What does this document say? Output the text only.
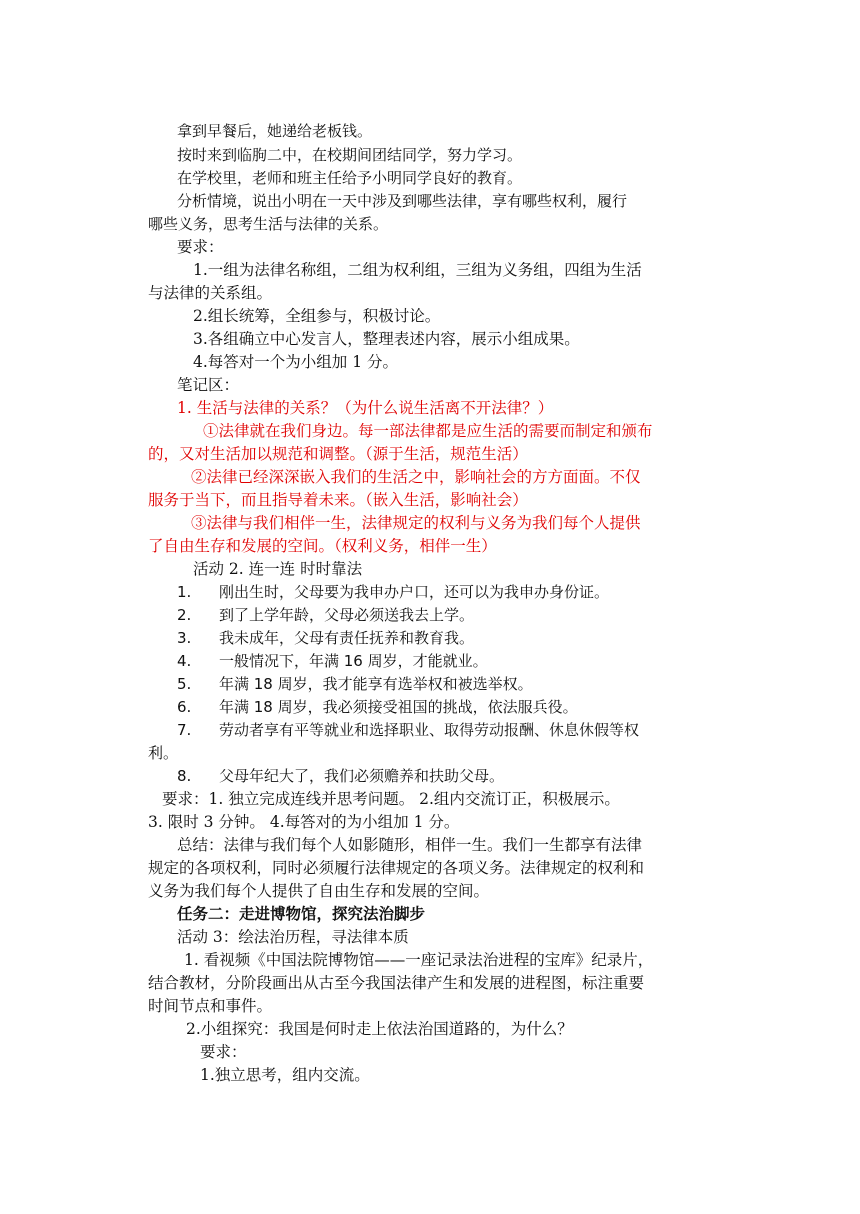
拿到早餐后，她递给老板钱。
按时来到临朐二中，在校期间团结同学，努力学习。
在学校里，老师和班主任给予小明同学良好的教育。
分析情境，说出小明在一天中涉及到哪些法律，享有哪些权利，履行
哪些义务，思考生活与法律的关系。
要求：
1.一组为法律名称组，二组为权利组，三组为义务组，四组为生活
与法律的关系组。
2.组长统筹，全组参与，积极讨论。
3.各组确立中心发言人，整理表述内容，展示小组成果。
4.每答对一个为小组加 1 分。
笔记区：
1. 生活与法律的关系？（为什么说生活离不开法律？）
①法律就在我们身边。每一部法律都是应生活的需要而制定和颁布
的，又对生活加以规范和调整。（源于生活，规范生活）
②法律已经深深嵌入我们的生活之中，影响社会的方方面面。不仅
服务于当下，而且指导着未来。（嵌入生活，影响社会）
③法律与我们相伴一生，法律规定的权利与义务为我们每个人提供
了自由生存和发展的空间。（权利义务，相伴一生）
活动 2. 连一连 时时靠法
1. 刚出生时，父母要为我申办户口，还可以为我申办身份证。
2. 到了上学年龄，父母必须送我去上学。
3. 我未成年，父母有责任抚养和教育我。
4. 一般情况下，年满 16 周岁，才能就业。
5. 年满 18 周岁，我才能享有选举权和被选举权。
6. 年满 18 周岁，我必须接受祖国的挑战，依法服兵役。
7. 劳动者享有平等就业和选择职业、取得劳动报酬、休息休假等权
利。
8. 父母年纪大了，我们必须赡养和扶助父母。
要求：1. 独立完成连线并思考问题。 2.组内交流订正，积极展示。
3. 限时 3 分钟。 4.每答对的为小组加 1 分。
总结：法律与我们每个人如影随形，相伴一生。我们一生都享有法律
规定的各项权利，同时必须履行法律规定的各项义务。法律规定的权利和
义务为我们每个人提供了自由生存和发展的空间。
任务二：走进博物馆，探究法治脚步
活动 3：绘法治历程，寻法律本质
1. 看视频《中国法院博物馆——一座记录法治进程的宝库》纪录片，
结合教材，分阶段画出从古至今我国法律产生和发展的进程图，标注重要
时间节点和事件。
2.小组探究：我国是何时走上依法治国道路的，为什么？
要求：
1.独立思考，组内交流。
